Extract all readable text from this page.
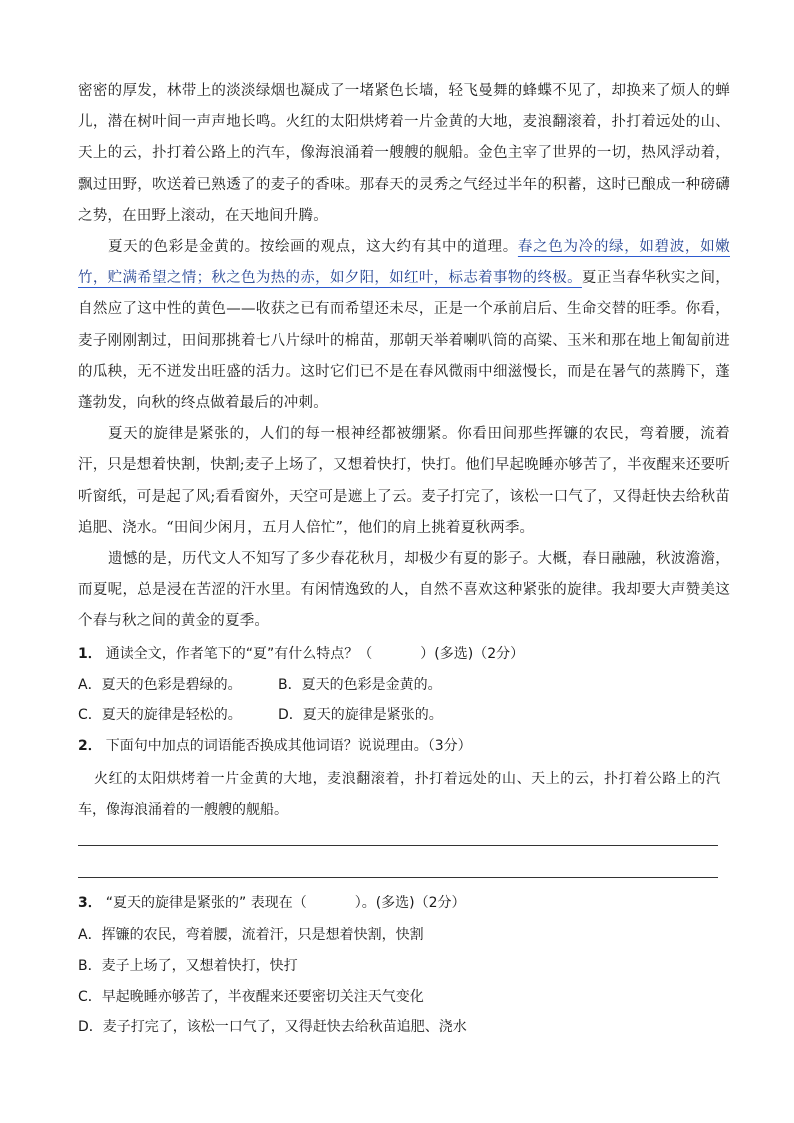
密密的厚发，林带上的淡淡绿烟也凝成了一堵紧色长墙，轻飞曼舞的蜂蝶不见了，却换来了烦人的蝉儿，潜在树叶间一声声地长鸣。火红的太阳烘烤着一片金黄的大地，麦浪翻滚着，扑打着远处的山、天上的云，扑打着公路上的汽车，像海浪涌着一艘艘的舰船。金色主宰了世界的一切，热风浮动着，飘过田野，吹送着已熟透了的麦子的香味。那春天的灵秀之气经过半年的积蓄，这时已酿成一种磅礴之势，在田野上滚动，在天地间升腾。

夏天的色彩是金黄的。按绘画的观点，这大约有其中的道理。春之色为冷的绿，如碧波，如嫩竹，贮满希望之情；秋之色为热的赤，如夕阳，如红叶，标志着事物的终极。夏正当春华秋实之间，自然应了这中性的黄色——收获之已有而希望还未尽，正是一个承前启后、生命交替的旺季。你看，麦子刚刚割过，田间那挑着七八片绿叶的棉苗，那朝天举着喇叭筒的高粱、玉米和那在地上匍匐前进的瓜秧，无不迸发出旺盛的活力。这时它们已不是在春风微雨中细滋慢长，而是在暑气的蒸腾下，蓬蓬勃发，向秋的终点做着最后的冲刺。

夏天的旋律是紧张的，人们的每一根神经都被绷紧。你看田间那些挥镰的农民，弯着腰，流着汗，只是想着快割，快割;麦子上场了，又想着快打，快打。他们早起晚睡亦够苦了，半夜醒来还要听听窗纸，可是起了风;看看窗外，天空可是遮上了云。麦子打完了，该松一口气了，又得赶快去给秋苗追肥、浇水。“田间少闲月，五月人倍忙”，他们的肩上挑着夏秋两季。

遗憾的是，历代文人不知写了多少春花秋月，却极少有夏的影子。大概，春日融融，秋波澹澹，而夏呢，总是浸在苦涩的汗水里。有闲情逸致的人，自然不喜欢这种紧张的旋律。我却要大声赞美这个春与秋之间的黄金的夏季。

1． 通读全文，作者笔下的“夏”有什么特点？（	）(多选)（2分）
A．夏天的色彩是碧绿的。	B．夏天的色彩是金黄的。
C．夏天的旋律是轻松的。	D．夏天的旋律是紧张的。
2． 下面句中加点的词语能否换成其他词语？说说理由。（3分）
火红的太阳烘烤着一片金黄的大地，麦浪翻滚着，扑打着远处的山、天上的云，扑打着公路上的汽车，像海浪涌着的一艘艘的舰船。
3． “夏天的旋律是紧张的” 表现在（	）。(多选)（2分）
A．挥镰的农民，弯着腰，流着汗，只是想着快割，快割
B．麦子上场了，又想着快打，快打
C．早起晚睡亦够苦了，半夜醒来还要密切关注天气变化
D．麦子打完了，该松一口气了，又得赶快去给秋苗追肥、浇水
